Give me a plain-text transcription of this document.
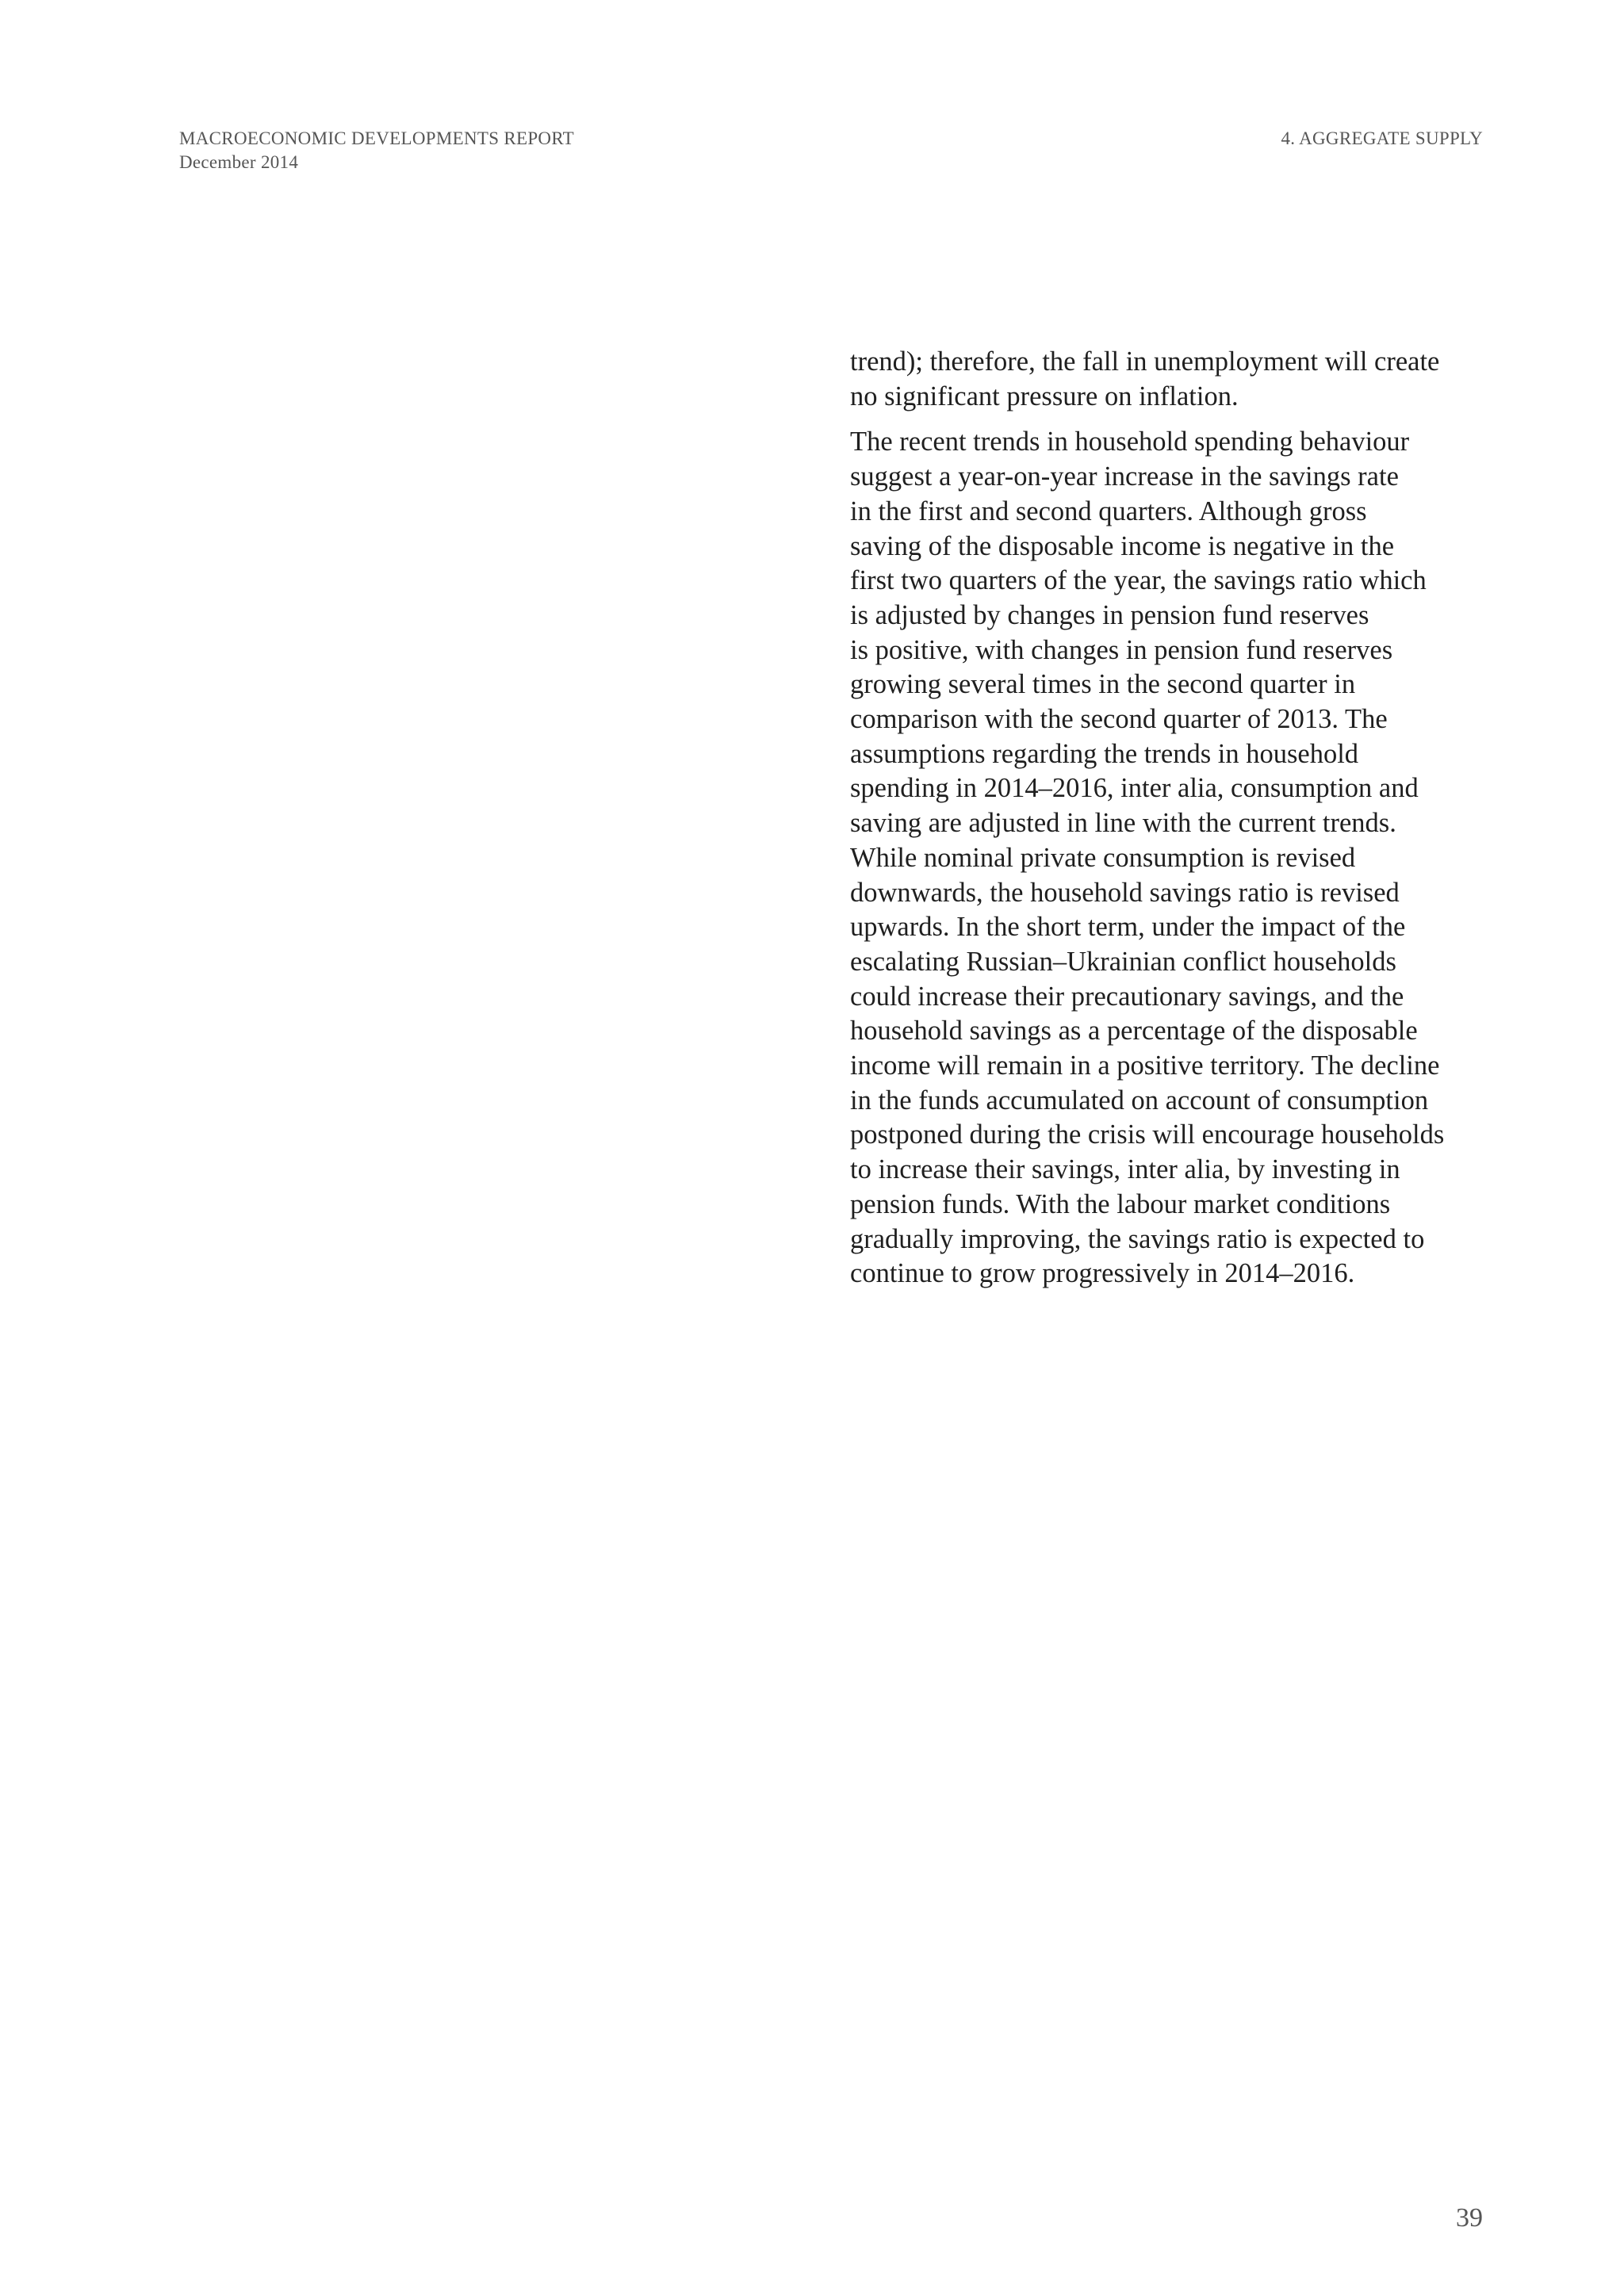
MACROECONOMIC DEVELOPMENTS REPORT
December 2014
4. AGGREGATE SUPPLY

trend); therefore, the fall in unemployment will create
no significant pressure on inflation.

The recent trends in household spending behaviour
suggest a year-on-year increase in the savings rate
in the first and second quarters. Although gross
saving of the disposable income is negative in the
first two quarters of the year, the savings ratio which
is adjusted by changes in pension fund reserves
is positive, with changes in pension fund reserves
growing several times in the second quarter in
comparison with the second quarter of 2013. The
assumptions regarding the trends in household
spending in 2014–2016, inter alia, consumption and
saving are adjusted in line with the current trends.
While nominal private consumption is revised
downwards, the household savings ratio is revised
upwards. In the short term, under the impact of the
escalating Russian–Ukrainian conflict households
could increase their precautionary savings, and the
household savings as a percentage of the disposable
income will remain in a positive territory. The decline
in the funds accumulated on account of consumption
postponed during the crisis will encourage households
to increase their savings, inter alia, by investing in
pension funds. With the labour market conditions
gradually improving, the savings ratio is expected to
continue to grow progressively in 2014–2016.

39
